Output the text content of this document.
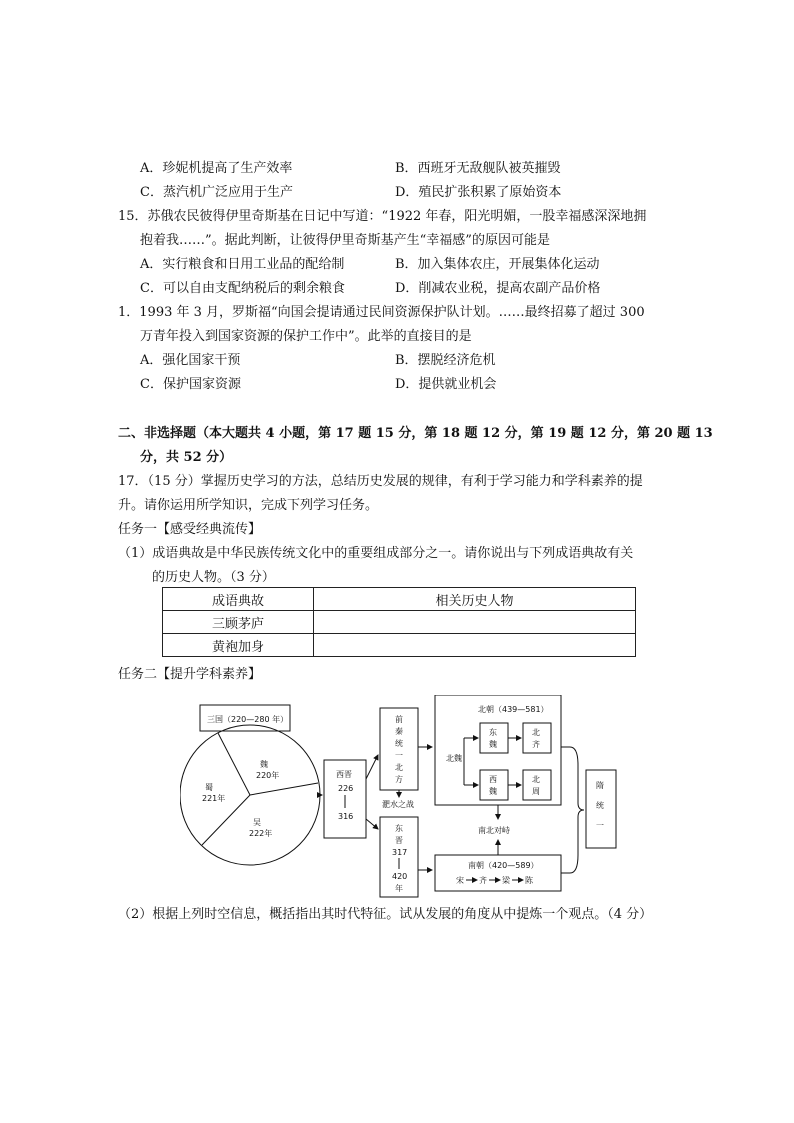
A．珍妮机提高了生产效率	B．西班牙无敌舰队被英摧毁
C．蒸汽机广泛应用于生产	D．殖民扩张积累了原始资本
15．苏俄农民彼得伊里奇斯基在日记中写道：“1922 年春，阳光明媚，一股幸福感深深地拥
抱着我……”。据此判断，让彼得伊里奇斯基产生“幸福感”的原因可能是
A．实行粮食和日用工业品的配给制	B．加入集体农庄，开展集体化运动
C．可以自由支配纳税后的剩余粮食	D．削减农业税，提高农副产品价格
1．1993 年 3 月，罗斯福“向国会提请通过民间资源保护队计划。……最终招募了超过 300
万青年投入到国家资源的保护工作中”。此举的直接目的是
A．强化国家干预	B．摆脱经济危机
C．保护国家资源	D．提供就业机会
二、非选择题（本大题共 4 小题，第 17 题 15 分，第 18 题 12 分，第 19 题 12 分，第 20 题 13
分，共 52 分）
17．（15 分）掌握历史学习的方法，总结历史发展的规律，有利于学习能力和学科素养的提
升。请你运用所学知识，完成下列学习任务。
任务一【感受经典流传】
（1）成语典故是中华民族传统文化中的重要组成部分之一。请你说出与下列成语典故有关
的历史人物。（3 分）
成语典故	相关历史人物
三顾茅庐	
黄袍加身	
任务二【提升学科素养】
三国（220—280 年）
魏
220年
蜀
221年
吴
222年
西晋
226
316
前
秦
统
一
北
方
淝水之战
东
晋
317
420
年
北朝（439—581）
北魏
东
魏
北
齐
西
魏
北
周
南北对峙
南朝（420—589）
宋 齐 梁 陈
隋
统
一
（2）根据上列时空信息，概括指出其时代特征。试从发展的角度从中提炼一个观点。（4 分）
